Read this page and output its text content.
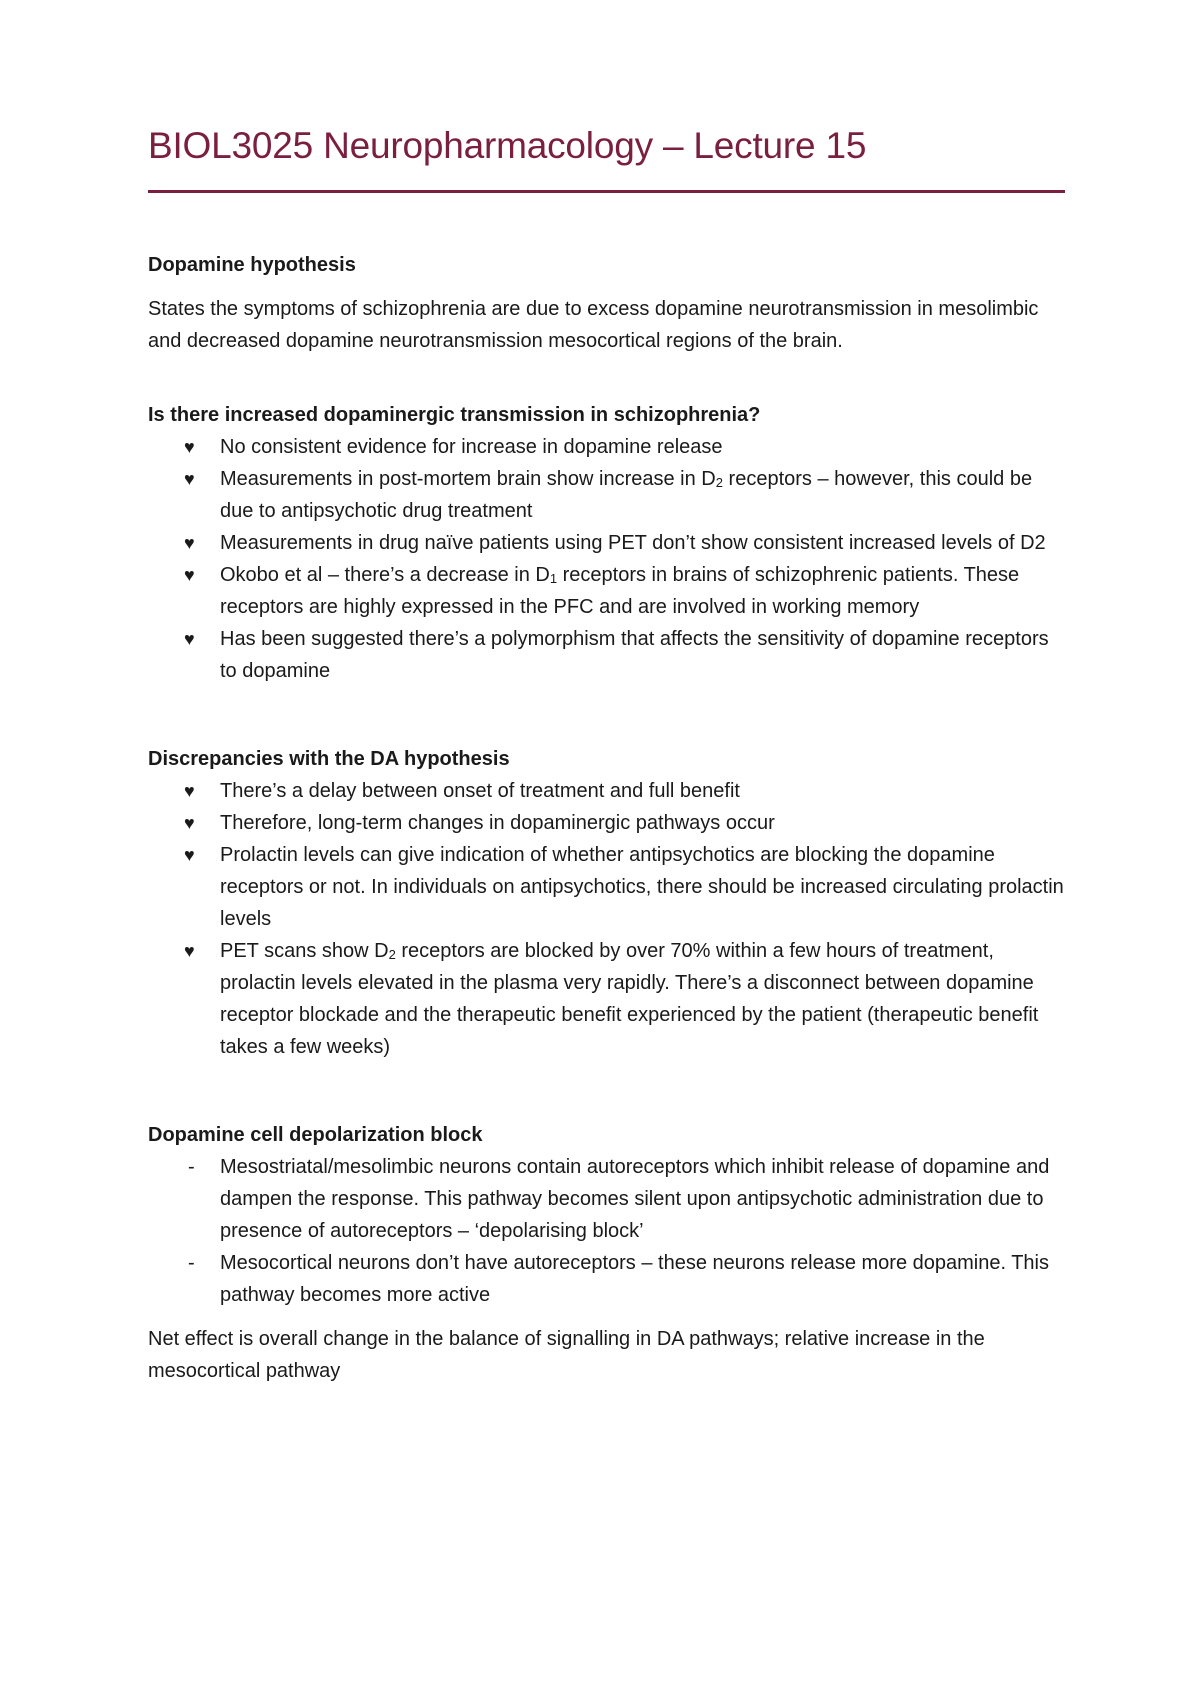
BIOL3025 Neuropharmacology – Lecture 15
Dopamine hypothesis

States the symptoms of schizophrenia are due to excess dopamine neurotransmission in mesolimbic and decreased dopamine neurotransmission mesocortical regions of the brain.

Is there increased dopaminergic transmission in schizophrenia?
♥ No consistent evidence for increase in dopamine release
♥ Measurements in post-mortem brain show increase in $D_2$ receptors – however, this could be due to antipsychotic drug treatment
♥ Measurements in drug naïve patients using PET don’t show consistent increased levels of D2
♥ Okobo et al – there’s a decrease in $D_1$ receptors in brains of schizophrenic patients. These receptors are highly expressed in the PFC and are involved in working memory
♥ Has been suggested there’s a polymorphism that affects the sensitivity of dopamine receptors to dopamine
Discrepancies with the DA hypothesis
♥ There’s a delay between onset of treatment and full benefit
♥ Therefore, long-term changes in dopaminergic pathways occur
♥ Prolactin levels can give indication of whether antipsychotics are blocking the dopamine receptors or not. In individuals on antipsychotics, there should be increased circulating prolactin levels
♥ PET scans show $D_2$ receptors are blocked by over 70% within a few hours of treatment, prolactin levels elevated in the plasma very rapidly. There’s a disconnect between dopamine receptor blockade and the therapeutic benefit experienced by the patient (therapeutic benefit takes a few weeks)
Dopamine cell depolarization block
- Mesostriatal/mesolimbic neurons contain autoreceptors which inhibit release of dopamine and dampen the response. This pathway becomes silent upon antipsychotic administration due to presence of autoreceptors – ‘depolarising block’
- Mesocortical neurons don’t have autoreceptors – these neurons release more dopamine. This pathway becomes more active

Net effect is overall change in the balance of signalling in DA pathways; relative increase in the mesocortical pathway
